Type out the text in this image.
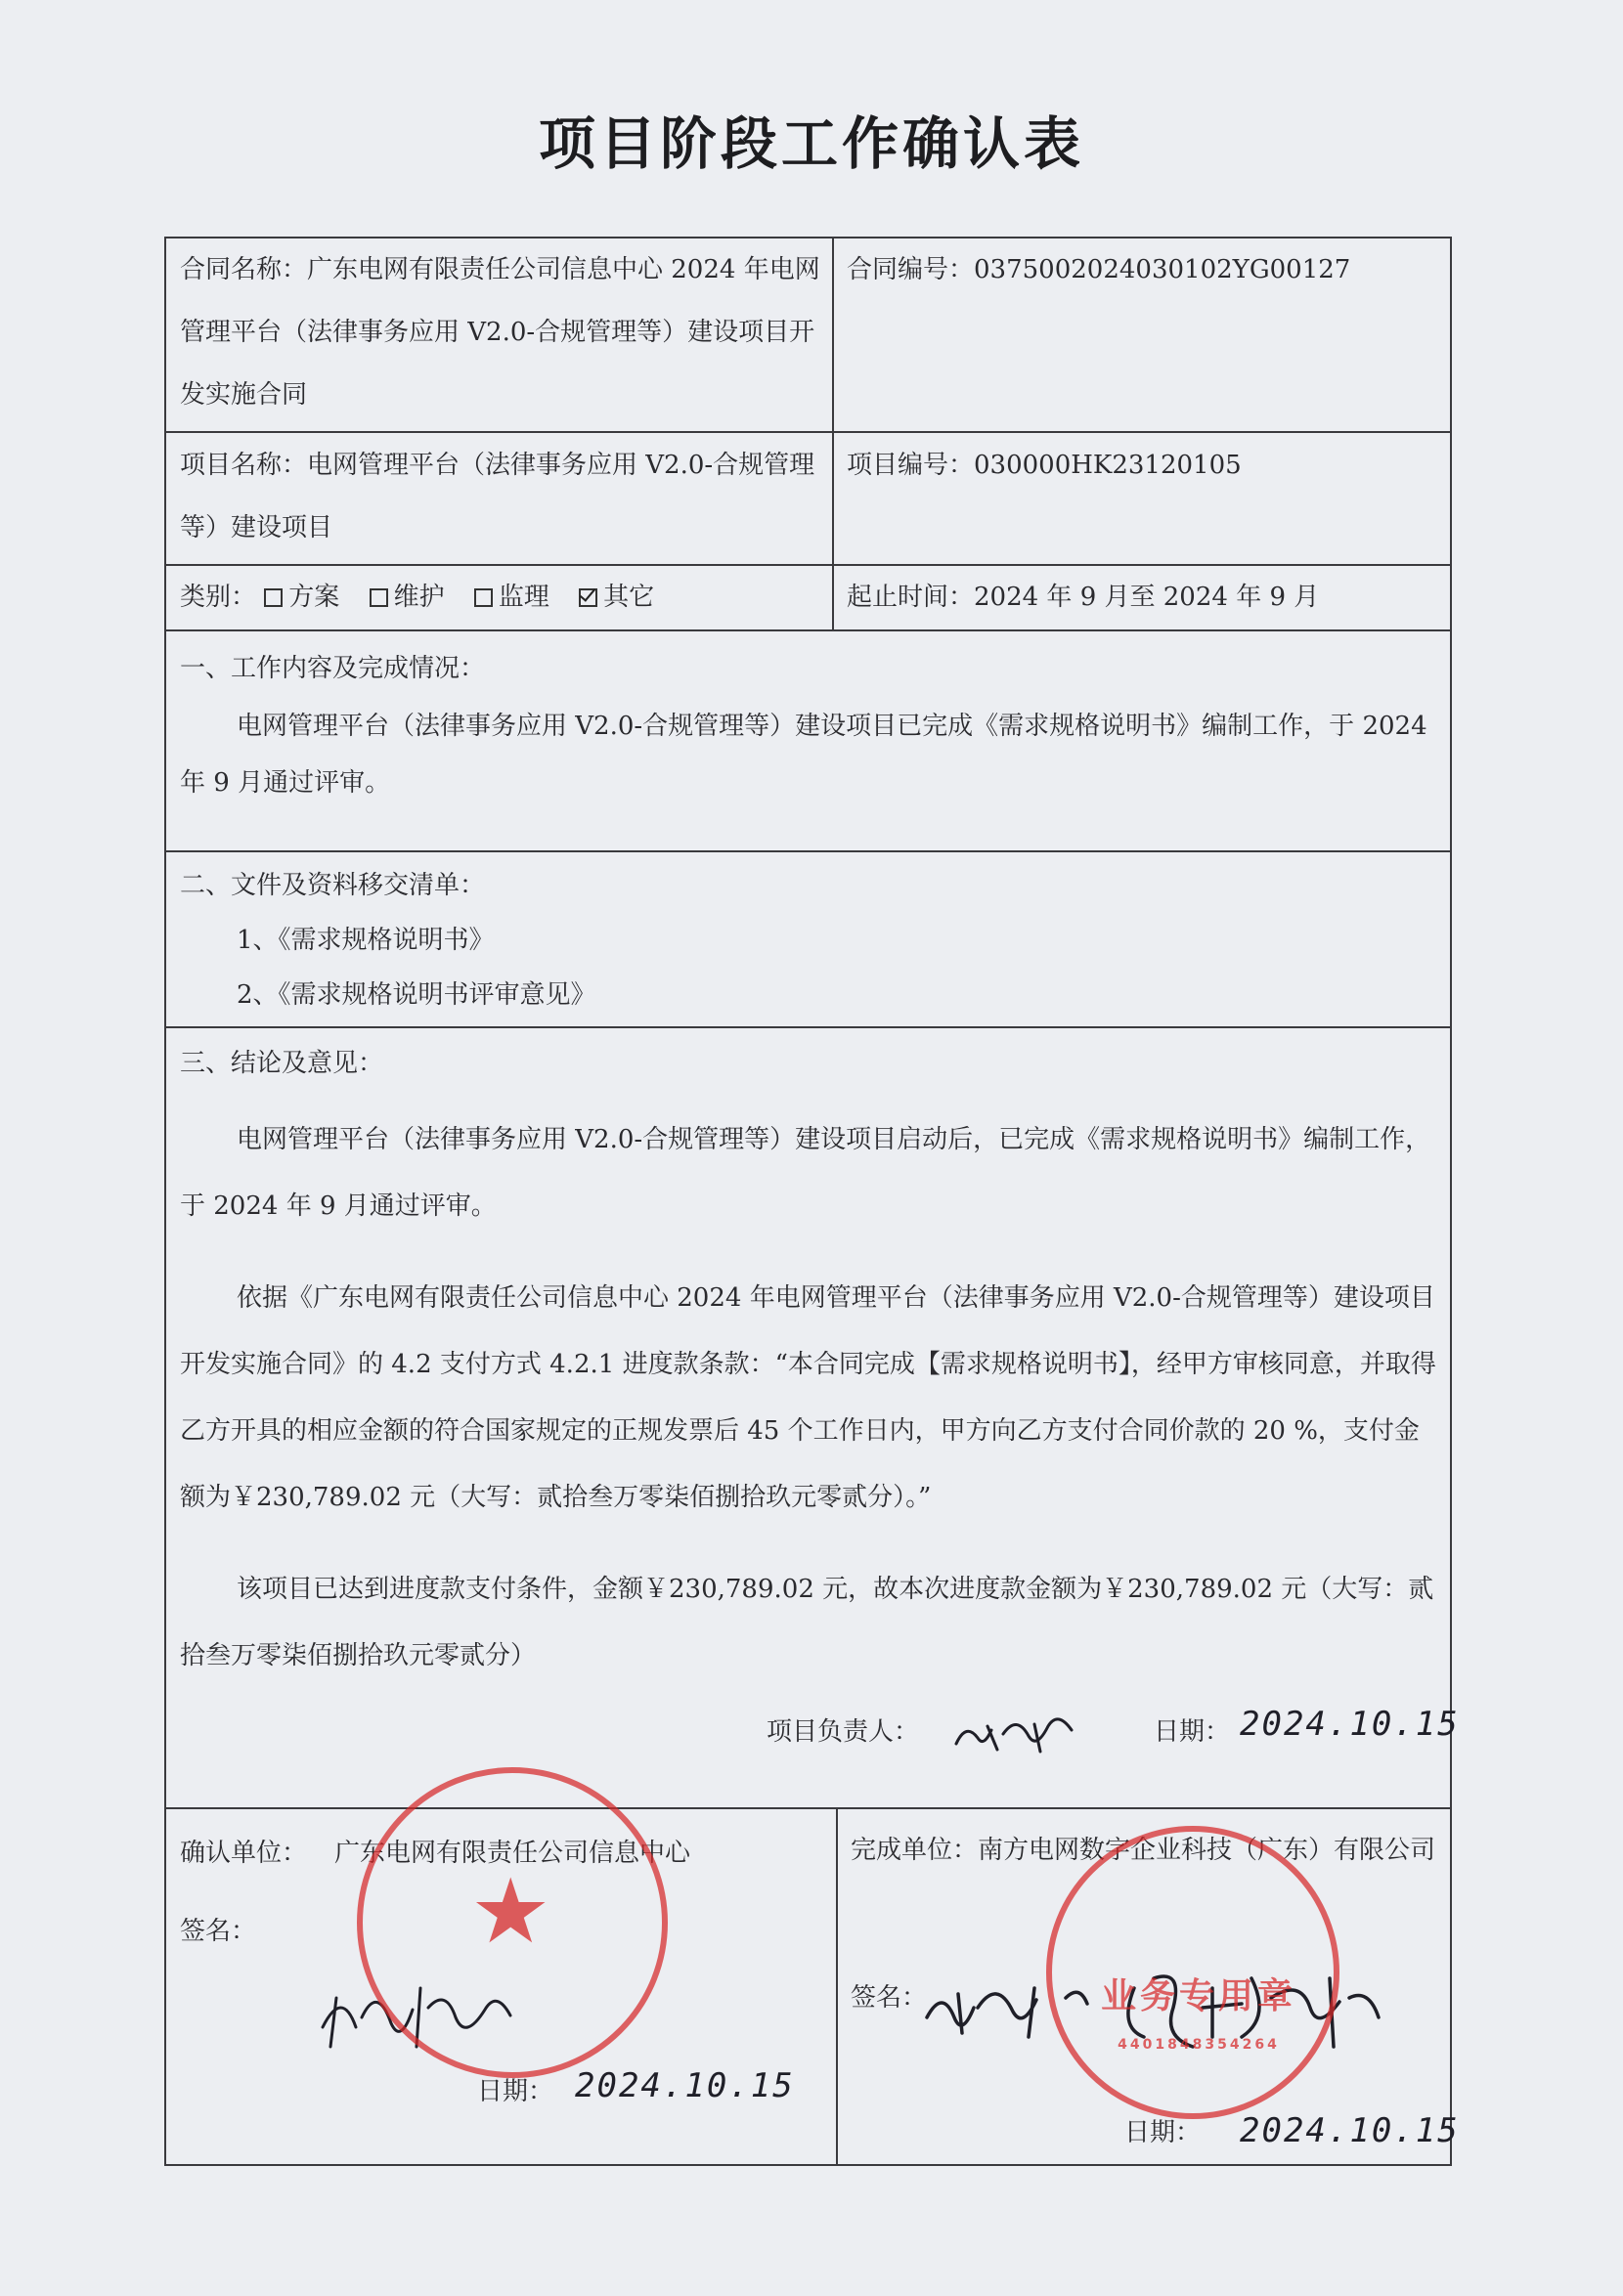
项目阶段工作确认表
合同名称：广东电网有限责任公司信息中心 2024 年电网管理平台（法律事务应用 V2.0-合规管理等）建设项目开发实施合同
合同编号：0375002024030102YG00127
项目名称：电网管理平台（法律事务应用 V2.0-合规管理等）建设项目
项目编号：030000HK23120105
类别： 方案 维护 监理 其它	起止时间：2024 年 9 月至 2024 年 9 月
一、工作内容及完成情况：
电网管理平台（法律事务应用 V2.0-合规管理等）建设项目已完成《需求规格说明书》编制工作，于 2024 年 9 月通过评审。
二、文件及资料移交清单：
1、《需求规格说明书》
2、《需求规格说明书评审意见》
三、结论及意见：
电网管理平台（法律事务应用 V2.0-合规管理等）建设项目启动后，已完成《需求规格说明书》编制工作，于 2024 年 9 月通过评审。
依据《广东电网有限责任公司信息中心 2024 年电网管理平台（法律事务应用 V2.0-合规管理等）建设项目开发实施合同》的 4.2 支付方式 4.2.1 进度款条款：“本合同完成【需求规格说明书】，经甲方审核同意，并取得乙方开具的相应金额的符合国家规定的正规发票后 45 个工作日内，甲方向乙方支付合同价款的 20 %，支付金额为￥230,789.02 元（大写：贰拾叁万零柒佰捌拾玖元零贰分）。”
该项目已达到进度款支付条件，金额￥230,789.02 元，故本次进度款金额为￥230,789.02 元（大写：贰拾叁万零柒佰捌拾玖元零贰分）
项目负责人：	日期： 2024.10.15
确认单位： 广东电网有限责任公司信息中心
签名：
日期： 2024.10.15
完成单位：南方电网数字企业科技（广东）有限公司
签名：
日期： 2024.10.15
★
业务专用章
4401848354264
